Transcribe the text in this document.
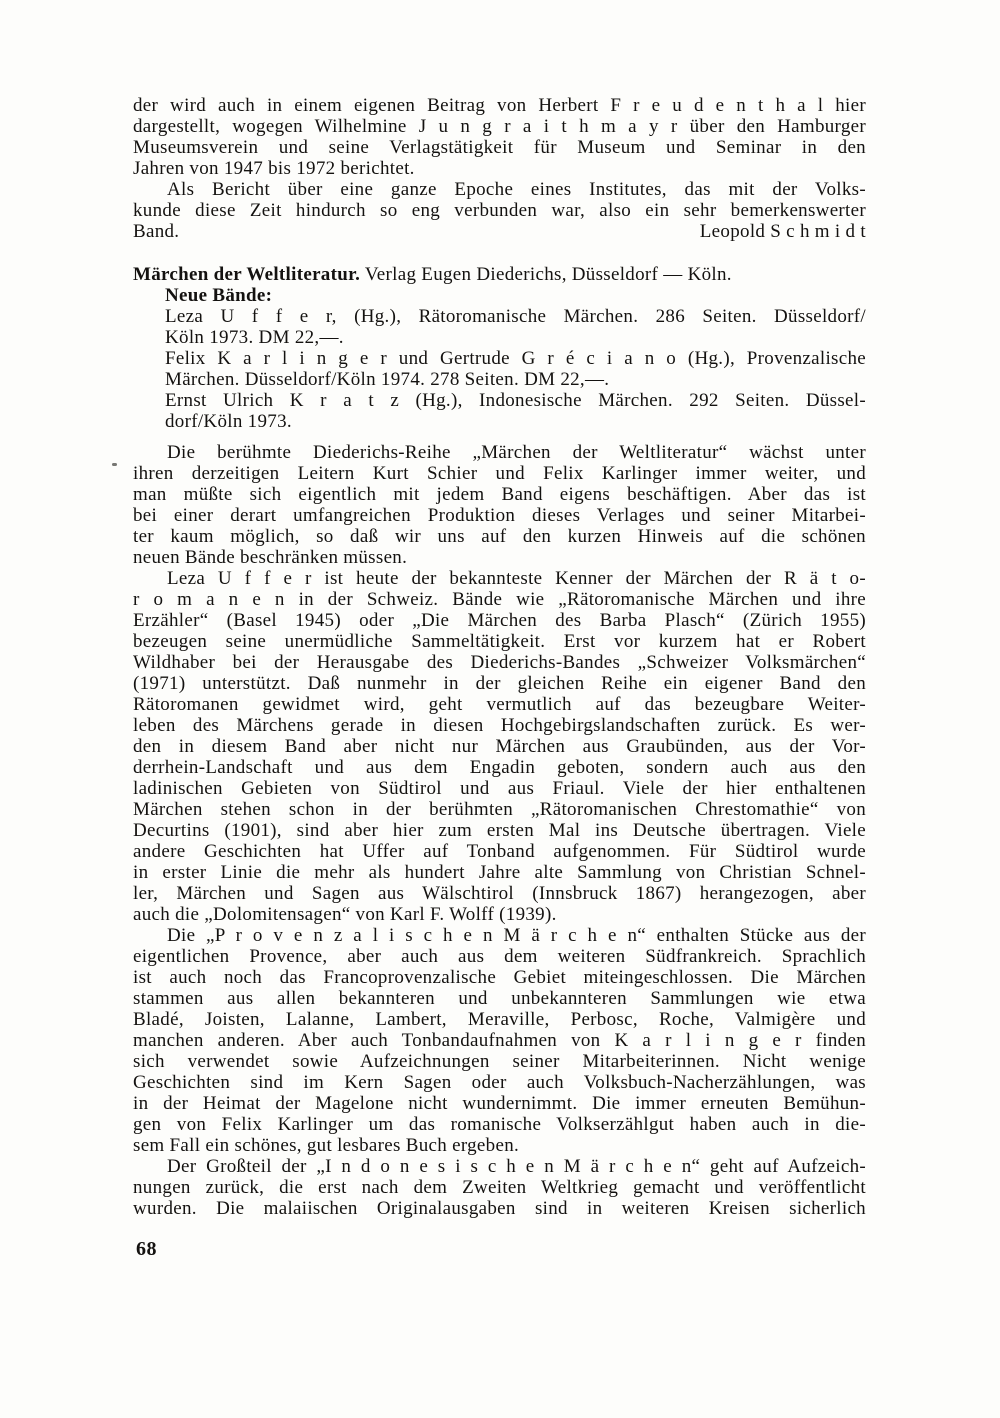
der wird auch in einem eigenen Beitrag von Herbert F r e u d e n t h a l hier
dargestellt, wogegen Wilhelmine J u n g r a i t h m a y r über den Hamburger
Museumsverein und seine Verlagstätigkeit für Museum und Seminar in den
Jahren von 1947 bis 1972 berichtet.
Als Bericht über eine ganze Epoche eines Institutes, das mit der Volks-
kunde diese Zeit hindurch so eng verbunden war, also ein sehr bemerkenswerter
Band.	Leopold S c h m i d t
Märchen der Weltliteratur. Verlag Eugen Diederichs, Düsseldorf — Köln.
Neue Bände:
Leza U f f e r, (Hg.), Rätoromanische Märchen. 286 Seiten. Düsseldorf/
Köln 1973. DM 22,—.
Felix K a r l i n g e r und Gertrude G r é c i a n o (Hg.), Provenzalische
Märchen. Düsseldorf/Köln 1974. 278 Seiten. DM 22,—.
Ernst Ulrich K r a t z (Hg.), Indonesische Märchen. 292 Seiten. Düssel-
dorf/Köln 1973.
Die berühmte Diederichs-Reihe „Märchen der Weltliteratur“ wächst unter
ihren derzeitigen Leitern Kurt Schier und Felix Karlinger immer weiter, und
man müßte sich eigentlich mit jedem Band eigens beschäftigen. Aber das ist
bei einer derart umfangreichen Produktion dieses Verlages und seiner Mitarbei-
ter kaum möglich, so daß wir uns auf den kurzen Hinweis auf die schönen
neuen Bände beschränken müssen.
Leza U f f e r ist heute der bekannteste Kenner der Märchen der R ä t o-
r o m a n e n in der Schweiz. Bände wie „Rätoromanische Märchen und ihre
Erzähler“ (Basel 1945) oder „Die Märchen des Barba Plasch“ (Zürich 1955)
bezeugen seine unermüdliche Sammeltätigkeit. Erst vor kurzem hat er Robert
Wildhaber bei der Herausgabe des Diederichs-Bandes „Schweizer Volksmärchen“
(1971) unterstützt. Daß nunmehr in der gleichen Reihe ein eigener Band den
Rätoromanen gewidmet wird, geht vermutlich auf das bezeugbare Weiter-
leben des Märchens gerade in diesen Hochgebirgslandschaften zurück. Es wer-
den in diesem Band aber nicht nur Märchen aus Graubünden, aus der Vor-
derrhein-Landschaft und aus dem Engadin geboten, sondern auch aus den
ladinischen Gebieten von Südtirol und aus Friaul. Viele der hier enthaltenen
Märchen stehen schon in der berühmten „Rätoromanischen Chrestomathie“ von
Decurtins (1901), sind aber hier zum ersten Mal ins Deutsche übertragen. Viele
andere Geschichten hat Uffer auf Tonband aufgenommen. Für Südtirol wurde
in erster Linie die mehr als hundert Jahre alte Sammlung von Christian Schnel-
ler, Märchen und Sagen aus Wälschtirol (Innsbruck 1867) herangezogen, aber
auch die „Dolomitensagen“ von Karl F. Wolff (1939).
Die „P r o v e n z a l i s c h e n M ä r c h e n“ enthalten Stücke aus der
eigentlichen Provence, aber auch aus dem weiteren Südfrankreich. Sprachlich
ist auch noch das Francoprovenzalische Gebiet miteingeschlossen. Die Märchen
stammen aus allen bekannteren und unbekannteren Sammlungen wie etwa
Bladé, Joisten, Lalanne, Lambert, Meraville, Perbosc, Roche, Valmigère und
manchen anderen. Aber auch Tonbandaufnahmen von K a r l i n g e r finden
sich verwendet sowie Aufzeichnungen seiner Mitarbeiterinnen. Nicht wenige
Geschichten sind im Kern Sagen oder auch Volksbuch-Nacherzählungen, was
in der Heimat der Magelone nicht wundernimmt. Die immer erneuten Bemühun-
gen von Felix Karlinger um das romanische Volkserzählgut haben auch in die-
sem Fall ein schönes, gut lesbares Buch ergeben.
Der Großteil der „I n d o n e s i s c h e n M ä r c h e n“ geht auf Aufzeich-
nungen zurück, die erst nach dem Zweiten Weltkrieg gemacht und veröffentlicht
wurden. Die malaiischen Originalausgaben sind in weiteren Kreisen sicherlich
68
